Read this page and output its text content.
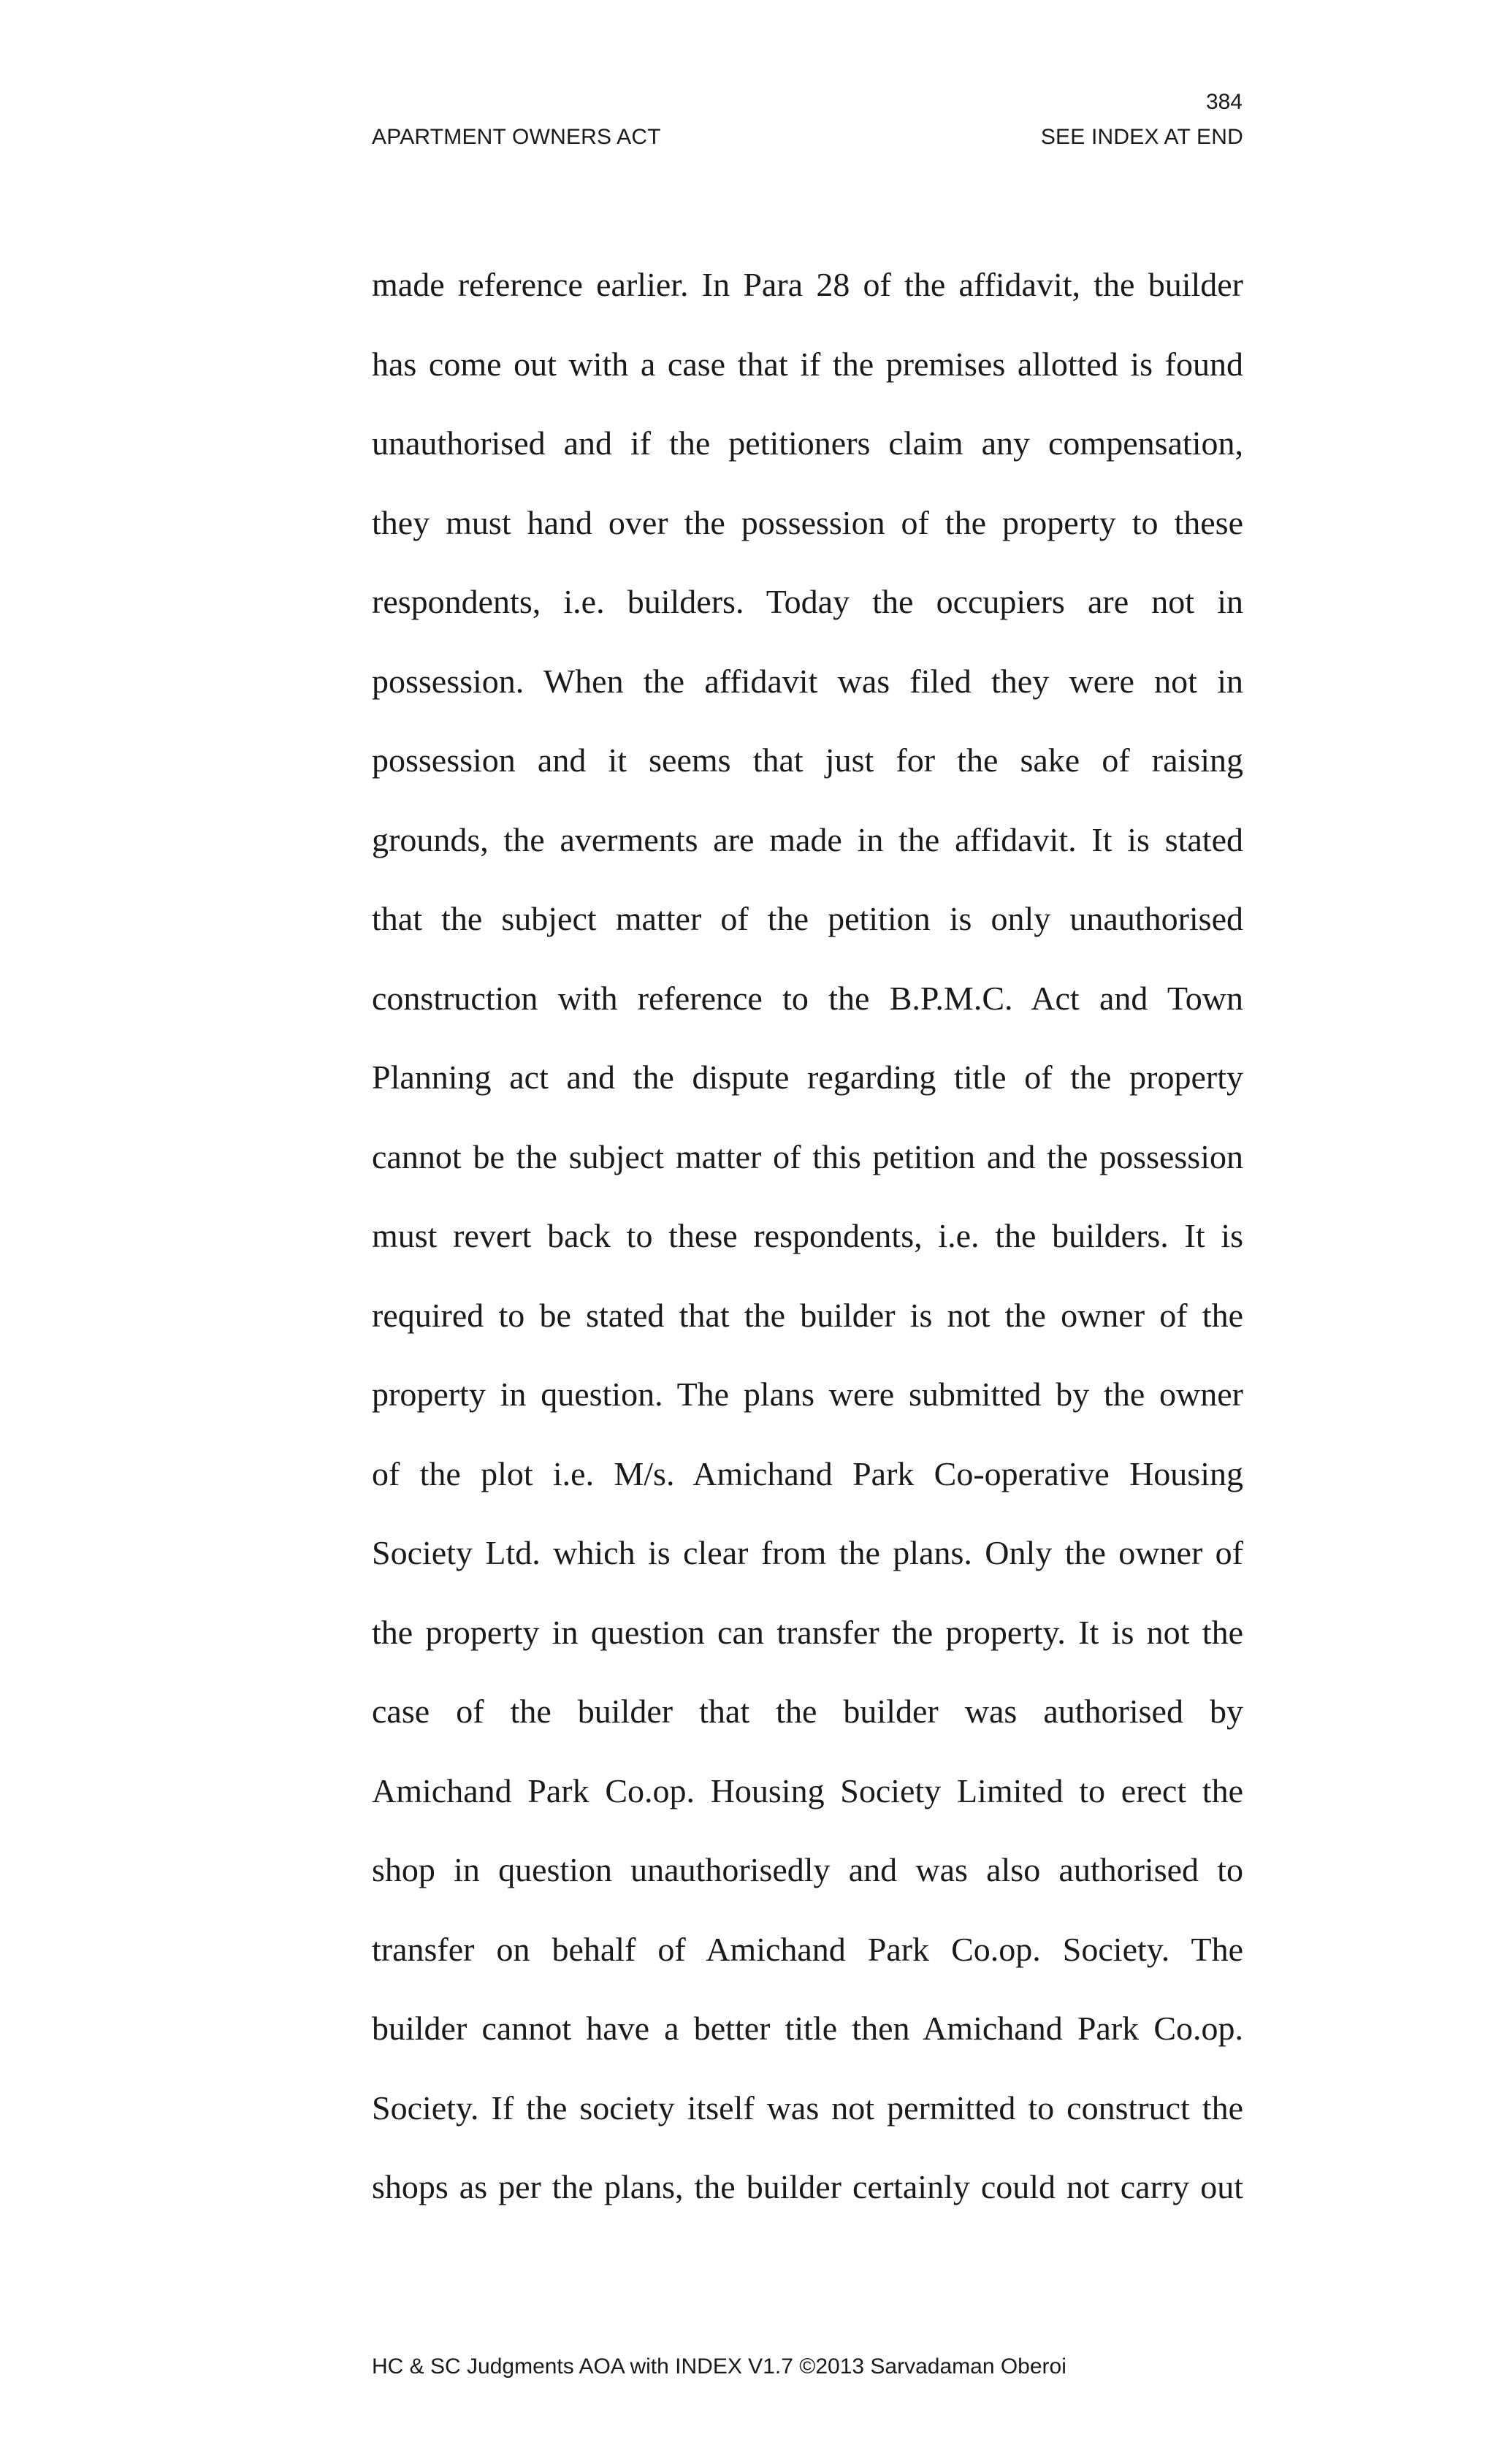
384
APARTMENT OWNERS ACT	SEE INDEX AT END
made reference earlier. In Para 28 of the affidavit, the builder
has come out with a case that if the premises allotted is found
unauthorised and if the petitioners claim any compensation,
they must hand over the possession of the property to these
respondents, i.e. builders. Today the occupiers are not in
possession. When the affidavit was filed they were not in
possession and it seems that just for the sake of raising
grounds, the averments are made in the affidavit. It is stated
that the subject matter of the petition is only unauthorised
construction with reference to the B.P.M.C. Act and Town
Planning act and the dispute regarding title of the property
cannot be the subject matter of this petition and the possession
must revert back to these respondents, i.e. the builders. It is
required to be stated that the builder is not the owner of the
property in question. The plans were submitted by the owner
of the plot i.e. M/s. Amichand Park Co-operative Housing
Society Ltd. which is clear from the plans. Only the owner of
the property in question can transfer the property. It is not the
case of the builder that the builder was authorised by
Amichand Park Co.op. Housing Society Limited to erect the
shop in question unauthorisedly and was also authorised to
transfer on behalf of Amichand Park Co.op. Society. The
builder cannot have a better title then Amichand Park Co.op.
Society. If the society itself was not permitted to construct the
shops as per the plans, the builder certainly could not carry out
HC & SC Judgments AOA with INDEX V1.7 ©2013 Sarvadaman Oberoi
